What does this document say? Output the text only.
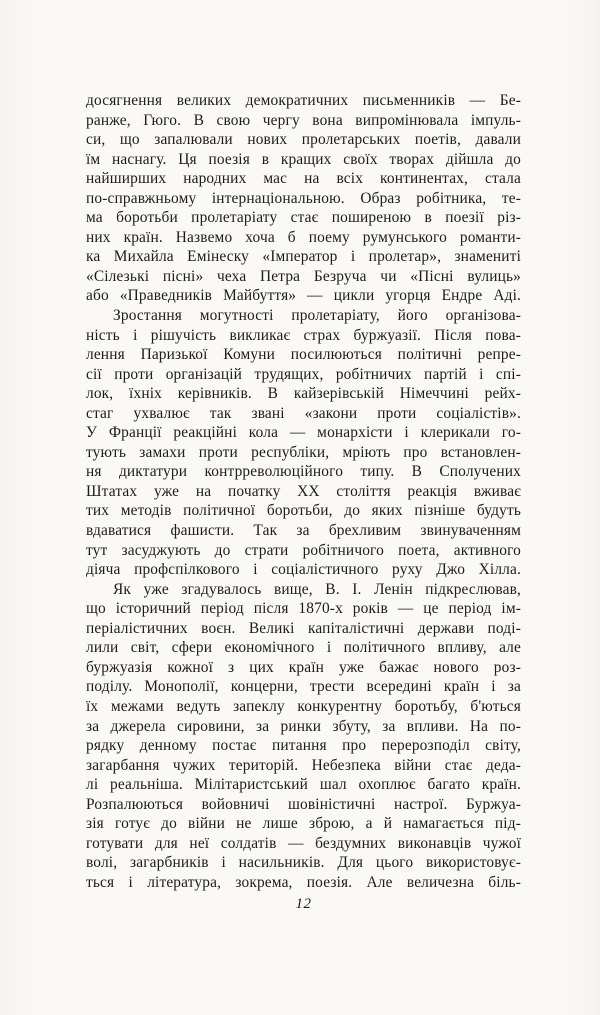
досягнення великих демократичних письменників — Бе-
ранже, Гюго. В свою чергу вона випромінювала імпуль-
си, що запалювали нових пролетарських поетів, давали
їм наснагу. Ця поезія в кращих своїх творах дійшла до
найширших народних мас на всіх континентах, стала
по-справжньому інтернаціональною. Образ робітника, те-
ма боротьби пролетаріату стає поширеною в поезії різ-
них країн. Назвемо хоча б поему румунського романти-
ка Михайла Емінеску «Імператор і пролетар», знамениті
«Сілезькі пісні» чеха Петра Безруча чи «Пісні вулиць»
або «Праведників Майбуття» — цикли угорця Ендре Аді.
Зростання могутності пролетаріату, його організова-
ність і рішучість викликає страх буржуазії. Після пова-
лення Паризької Комуни посилюються політичні репре-
сії проти організацій трудящих, робітничих партій і спі-
лок, їхніх керівників. В кайзерівській Німеччині рейх-
стаг ухвалює так звані «закони проти соціалістів».
У Франції реакційні кола — монархісти і клерикали го-
тують замахи проти республіки, мріють про встановлен-
ня диктатури контрреволюційного типу. В Сполучених
Штатах уже на початку XX століття реакція вживає
тих методів політичної боротьби, до яких пізніше будуть
вдаватися фашисти. Так за брехливим звинуваченням
тут засуджують до страти робітничого поета, активного
діяча профспілкового і соціалістичного руху Джо Хілла.
Як уже згадувалось вище, В. І. Ленін підкреслював,
що історичний період після 1870-х років — це період ім-
періалістичних воєн. Великі капіталістичні держави поді-
лили світ, сфери економічного і політичного впливу, але
буржуазія кожної з цих країн уже бажає нового роз-
поділу. Монополії, концерни, трести всередині країн і за
їх межами ведуть запеклу конкурентну боротьбу, б'ються
за джерела сировини, за ринки збуту, за впливи. На по-
рядку денному постає питання про перерозподіл світу,
загарбання чужих територій. Небезпека війни стає деда-
лі реальніша. Мілітаристський шал охоплює багато країн.
Розпалюються войовничі шовіністичні настрої. Буржуа-
зія готує до війни не лише зброю, а й намагається під-
готувати для неї солдатів — бездумних виконавців чужої
волі, загарбників і насильників. Для цього використовує-
ться і література, зокрема, поезія. Але величезна біль-
12
